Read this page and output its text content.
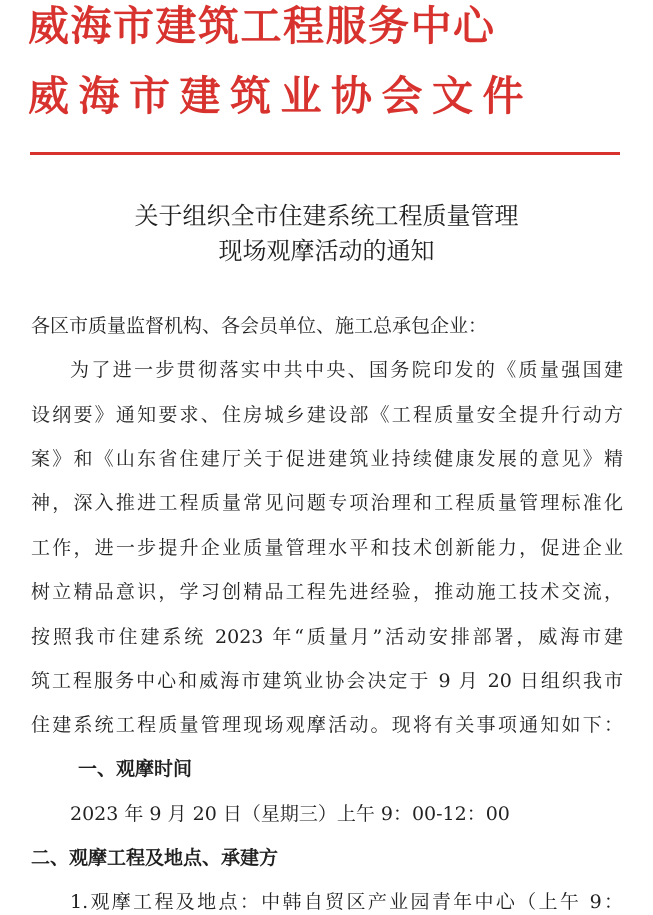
威海市建筑工程服务中心
威海市建筑业协会文件
关于组织全市住建系统工程质量管理
现场观摩活动的通知
各区市质量监督机构、各会员单位、施工总承包企业：
为了进一步贯彻落实中共中央、国务院印发的《质量强国建
设纲要》通知要求、住房城乡建设部《工程质量安全提升行动方
案》和《山东省住建厅关于促进建筑业持续健康发展的意见》精
神，深入推进工程质量常见问题专项治理和工程质量管理标准化
工作，进一步提升企业质量管理水平和技术创新能力，促进企业
树立精品意识，学习创精品工程先进经验，推动施工技术交流，
按照我市住建系统 2023 年“质量月”活动安排部署，威海市建
筑工程服务中心和威海市建筑业协会决定于 9 月 20 日组织我市
住建系统工程质量管理现场观摩活动。现将有关事项通知如下：
一、观摩时间
2023 年 9 月 20 日（星期三）上午 9：00-12：00
二、观摩工程及地点、承建方
1.观摩工程及地点：中韩自贸区产业园青年中心（上午 9：
